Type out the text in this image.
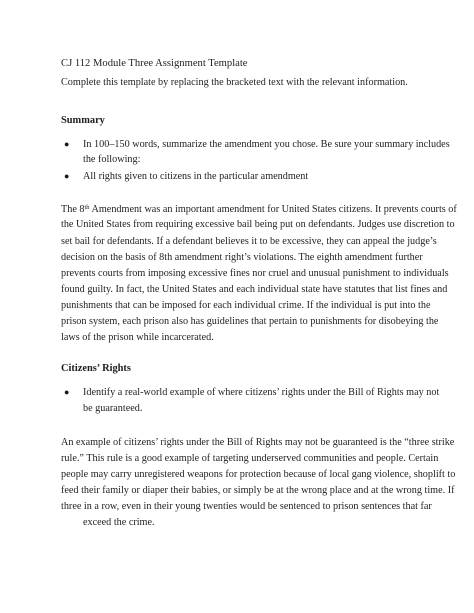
CJ 112 Module Three Assignment Template
Complete this template by replacing the bracketed text with the relevant information.
Summary
● In 100–150 words, summarize the amendment you chose. Be sure your summary includes
the following:
● All rights given to citizens in the particular amendment
The 8th Amendment was an important amendment for United States citizens. It prevents courts of
the United States from requiring excessive bail being put on defendants. Judges use discretion to
set bail for defendants. If a defendant believes it to be excessive, they can appeal the judge’s
decision on the basis of 8th amendment right’s violations. The eighth amendment further
prevents courts from imposing excessive fines nor cruel and unusual punishment to individuals
found guilty. In fact, the United States and each individual state have statutes that list fines and
punishments that can be imposed for each individual crime. If the individual is put into the
prison system, each prison also has guidelines that pertain to punishments for disobeying the
laws of the prison while incarcerated.
Citizens’ Rights
● Identify a real-world example of where citizens’ rights under the Bill of Rights may not
be guaranteed.
An example of citizens’ rights under the Bill of Rights may not be guaranteed is the “three strike
rule.” This rule is a good example of targeting underserved communities and people. Certain
people may carry unregistered weapons for protection because of local gang violence, shoplift to
feed their family or diaper their babies, or simply be at the wrong place and at the wrong time. If
three in a row, even in their young twenties would be sentenced to prison sentences that far
exceed the crime.
